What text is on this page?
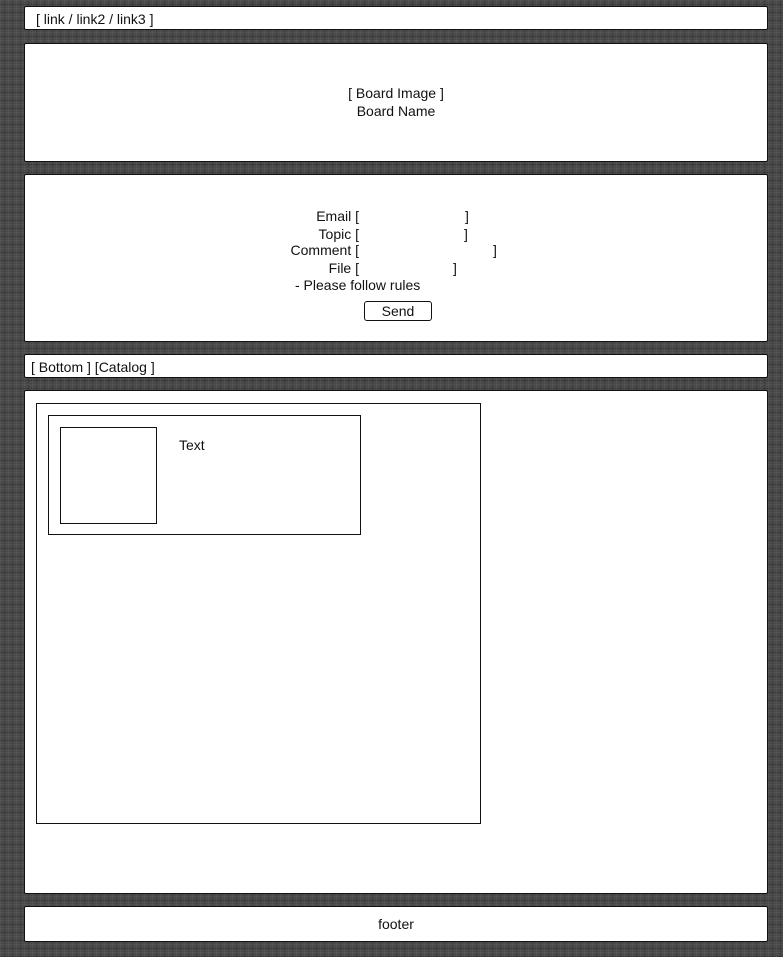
[ link / link2 / link3 ]
[ Board Image ]
Board Name
Email [	]
Topic [	]
Comment [	]
File [	]
- Please follow rules
Send
[ Bottom ] [Catalog ]
Text
footer
